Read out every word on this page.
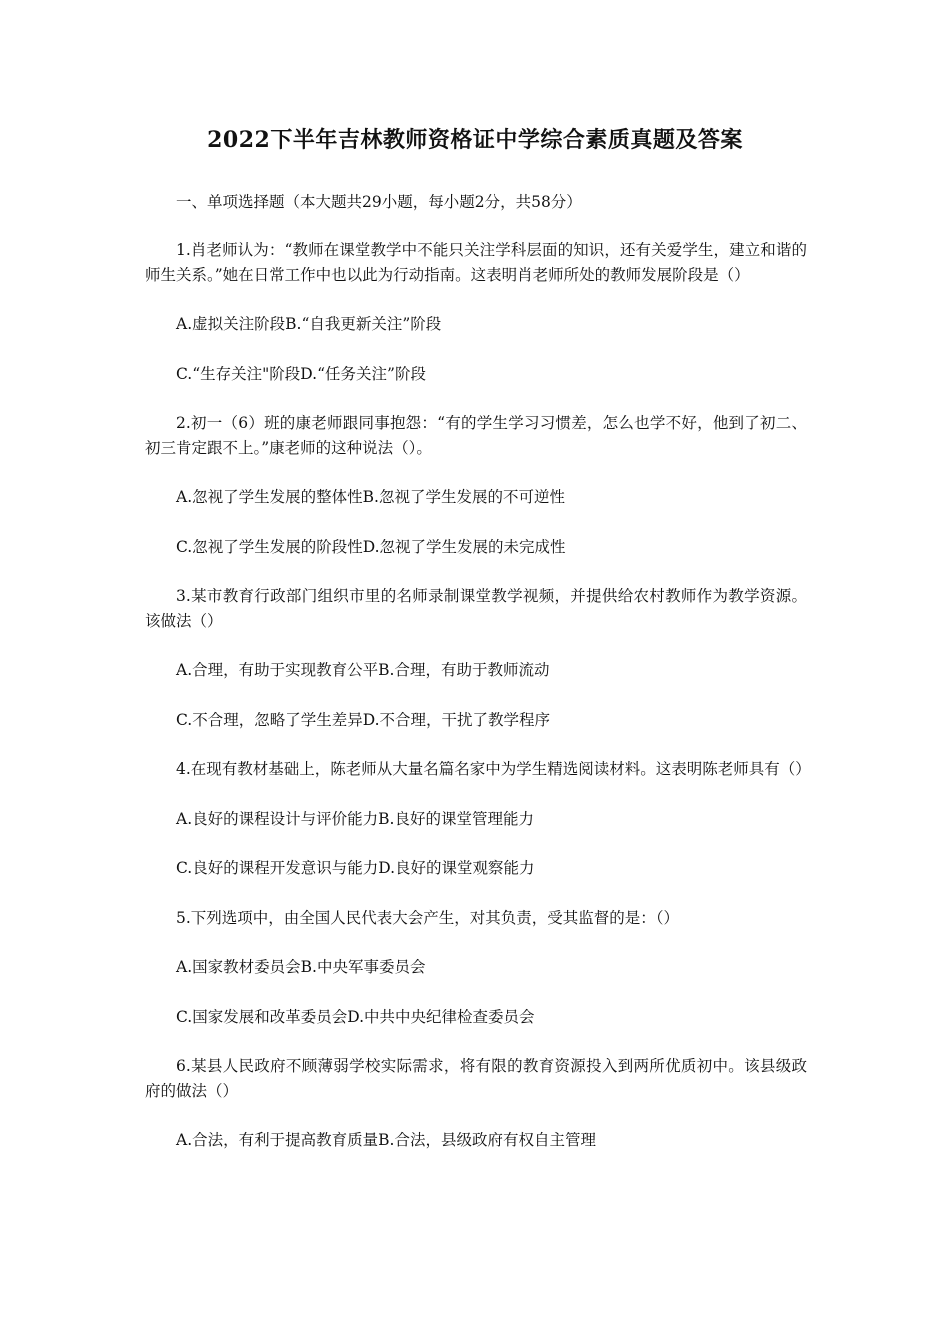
2022下半年吉林教师资格证中学综合素质真题及答案
一、单项选择题（本大题共29小题，每小题2分，共58分）

1.肖老师认为：“教师在课堂教学中不能只关注学科层面的知识，还有关爱学生，建立和谐的师生关系。”她在日常工作中也以此为行动指南。这表明肖老师所处的教师发展阶段是（）

A.虚拟关注阶段B.“自我更新关注”阶段

C.“生存关注"阶段D.“任务关注”阶段

2.初一（6）班的康老师跟同事抱怨：“有的学生学习习惯差，怎么也学不好，他到了初二、初三肯定跟不上。”康老师的这种说法（）。

A.忽视了学生发展的整体性B.忽视了学生发展的不可逆性

C.忽视了学生发展的阶段性D.忽视了学生发展的未完成性

3.某市教育行政部门组织市里的名师录制课堂教学视频，并提供给农村教师作为教学资源。该做法（）

A.合理，有助于实现教育公平B.合理，有助于教师流动

C.不合理，忽略了学生差异D.不合理，干扰了教学程序

4.在现有教材基础上，陈老师从大量名篇名家中为学生精选阅读材料。这表明陈老师具有（）

A.良好的课程设计与评价能力B.良好的课堂管理能力

C.良好的课程开发意识与能力D.良好的课堂观察能力

5.下列选项中，由全国人民代表大会产生，对其负责，受其监督的是：（）

A.国家教材委员会B.中央军事委员会

C.国家发展和改革委员会D.中共中央纪律检查委员会

6.某县人民政府不顾薄弱学校实际需求，将有限的教育资源投入到两所优质初中。该县级政府的做法（）

A.合法，有利于提高教育质量B.合法，县级政府有权自主管理
